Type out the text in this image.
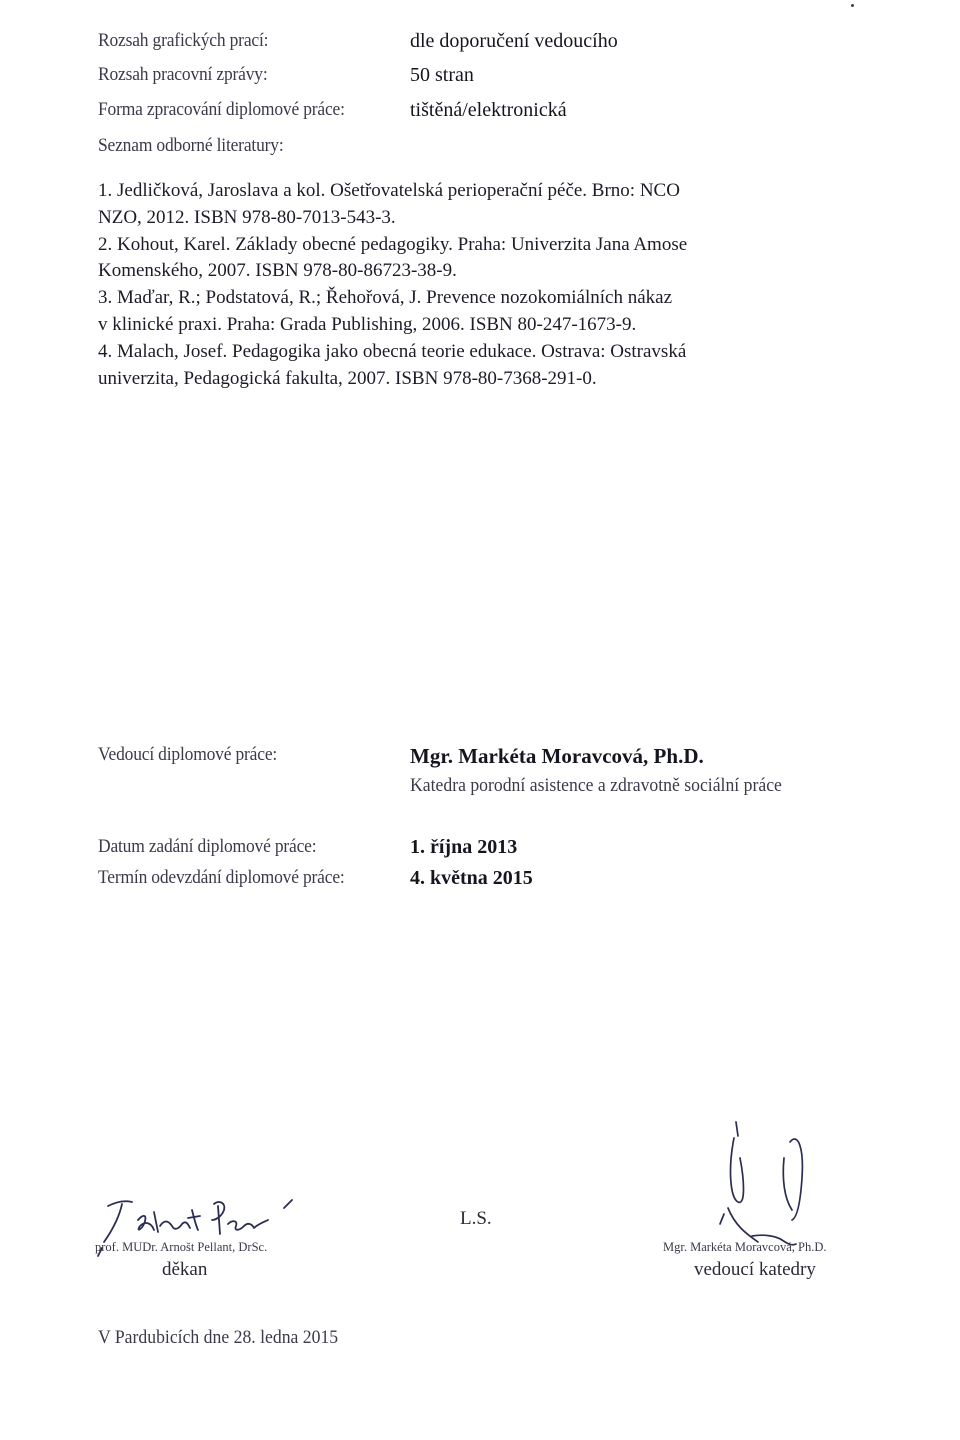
Rozsah grafických prací:	dle doporučení vedoucího
Rozsah pracovní zprávy:	50 stran
Forma zpracování diplomové práce:	tištěná/elektronická
Seznam odborné literatury:
1. Jedličková, Jaroslava a kol. Ošetřovatelská perioperační péče. Brno: NCO
NZO, 2012. ISBN 978-80-7013-543-3.
2. Kohout, Karel. Základy obecné pedagogiky. Praha: Univerzita Jana Amose
Komenského, 2007. ISBN 978-80-86723-38-9.
3. Maďar, R.; Podstatová, R.; Řehořová, J. Prevence nozokomiálních nákaz
v klinické praxi. Praha: Grada Publishing, 2006. ISBN 80-247-1673-9.
4. Malach, Josef. Pedagogika jako obecná teorie edukace. Ostrava: Ostravská
univerzita, Pedagogická fakulta, 2007. ISBN 978-80-7368-291-0.
Vedoucí diplomové práce:	Mgr. Markéta Moravcová, Ph.D.
Katedra porodní asistence a zdravotně sociální práce
Datum zadání diplomové práce:	1. října 2013
Termín odevzdání diplomové práce:	4. května 2015
prof. MUDr. Arnošt Pellant, DrSc.
děkan
L.S.
Mgr. Markéta Moravcová, Ph.D.
vedoucí katedry
V Pardubicích dne 28. ledna 2015
